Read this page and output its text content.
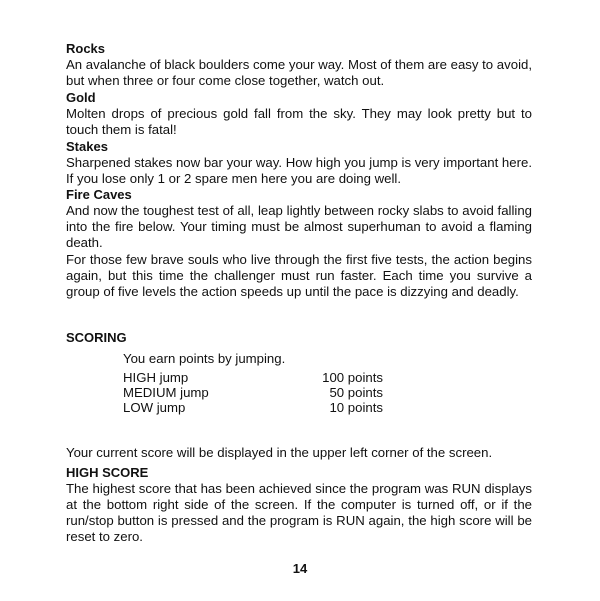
Rocks

An avalanche of black boulders come your way. Most of them are easy to avoid, but when three or four come close together, watch out.

Gold

Molten drops of precious gold fall from the sky. They may look pretty but to touch them is fatal!

Stakes

Sharpened stakes now bar your way. How high you jump is very important here. If you lose only 1 or 2 spare men here you are doing well.

Fire Caves

And now the toughest test of all, leap lightly between rocky slabs to avoid falling into the fire below. Your timing must be almost superhuman to avoid a flaming death.

For those few brave souls who live through the first five tests, the action begins again, but this time the challenger must run faster. Each time you survive a group of five levels the action speeds up until the pace is dizzying and deadly.

SCORING
You earn points by jumping.
HIGH jump	100 points
MEDIUM jump	50 points
LOW jump	10 points

Your current score will be displayed in the upper left corner of the screen.

HIGH SCORE

The highest score that has been achieved since the program was RUN displays at the bottom right side of the screen. If the computer is turned off, or if the run/stop button is pressed and the program is RUN again, the high score will be reset to zero.

14
